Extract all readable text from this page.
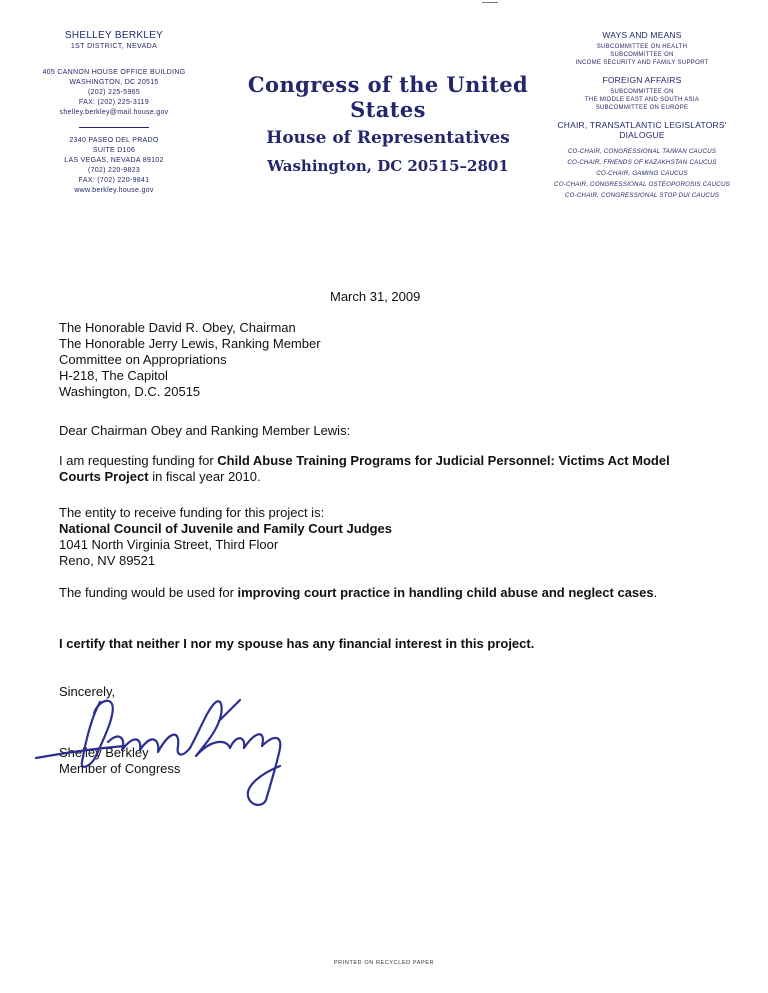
SHELLEY BERKLEY
1ST DISTRICT, NEVADA
405 CANNON HOUSE OFFICE BUILDING
WASHINGTON, DC 20515
(202) 225-5965
FAX: (202) 225-3119
shelley.berkley@mail.house.gov
2340 PASEO DEL PRADO
SUITE D106
LAS VEGAS, NEVADA 89102
(702) 220-9823
FAX: (702) 220-9841
www.berkley.house.gov
Congress of the United States
House of Representatives
Washington, DC 20515–2801
WAYS AND MEANS
SUBCOMMITTEE ON HEALTH
SUBCOMMITTEE ON
INCOME SECURITY AND FAMILY SUPPORT
FOREIGN AFFAIRS
SUBCOMMITTEE ON
THE MIDDLE EAST AND SOUTH ASIA
SUBCOMMITTEE ON EUROPE
CHAIR, TRANSATLANTIC LEGISLATORS'
DIALOGUE
CO-CHAIR, CONGRESSIONAL TAIWAN CAUCUS
CO-CHAIR, FRIENDS OF KAZAKHSTAN CAUCUS
CO-CHAIR, GAMING CAUCUS
CO-CHAIR, CONGRESSIONAL OSTEOPOROSIS CAUCUS
CO-CHAIR, CONGRESSIONAL STOP DUI CAUCUS
March 31, 2009
The Honorable David R. Obey, Chairman
The Honorable Jerry Lewis, Ranking Member
Committee on Appropriations
H-218, The Capitol
Washington, D.C. 20515
Dear Chairman Obey and Ranking Member Lewis:
I am requesting funding for Child Abuse Training Programs for Judicial Personnel: Victims Act Model Courts Project in fiscal year 2010.
The entity to receive funding for this project is:
National Council of Juvenile and Family Court Judges
1041 North Virginia Street, Third Floor
Reno, NV 89521
The funding would be used for improving court practice in handling child abuse and neglect cases.
I certify that neither I nor my spouse has any financial interest in this project.
Sincerely,
Shelley Berkley
Member of Congress
PRINTED ON RECYCLED PAPER
